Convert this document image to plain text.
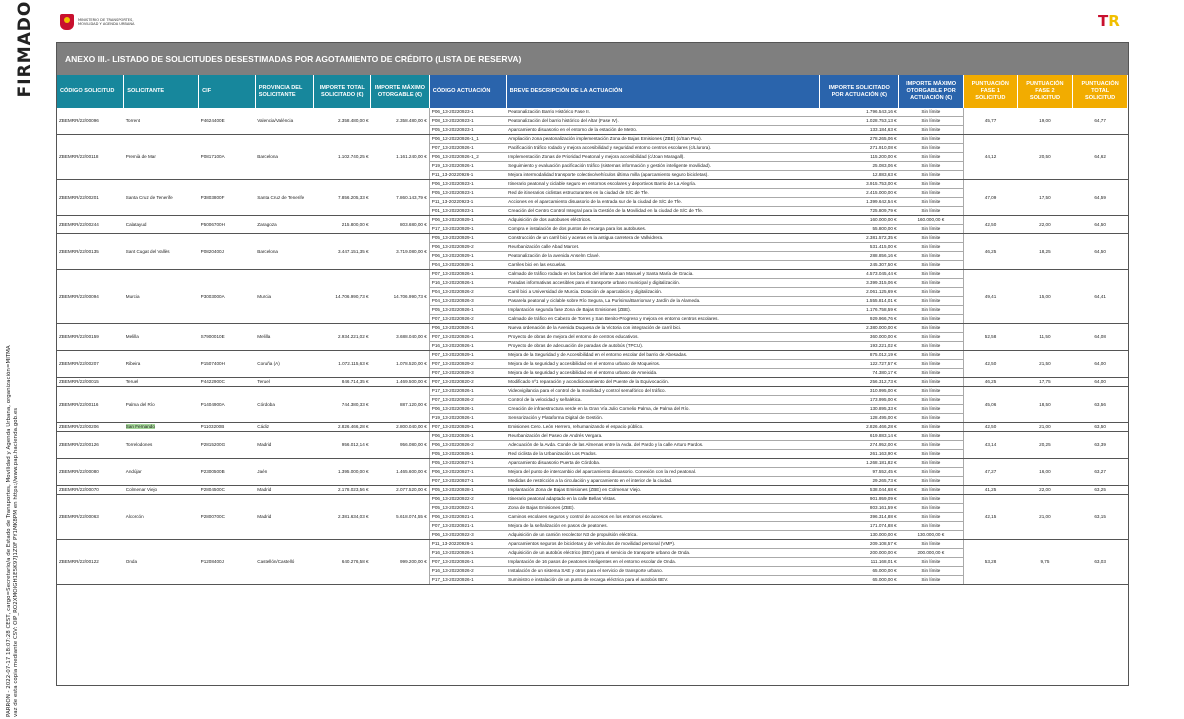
FIRMADO
PARRON - 2022-07-17 18:07:28 CEST, cargo=Secretario/a de Estado de Transportes, Movilidad y Agenda Urbana, organización=MITMA vaz de esta copia mediante CSV: OIP_RO2XMOIGH1E5K97J1Z0F PY1MK8PM en https://www.pap.hacienda.gob.es
MINISTERIO DE TRANSPORTES, MOVILIDAD Y AGENDA URBANA	TR
ANEXO III.- LISTADO DE SOLICITUDES DESESTIMADAS POR AGOTAMIENTO DE CRÉDITO (LISTA DE RESERVA)
CÓDIGO SOLICITUD	SOLICITANTE	CIF	PROVINCIA DEL SOLICITANTE	IMPORTE TOTAL SOLICITADO (€)	IMPORTE MÁXIMO OTORGABLE (€)	CÓDIGO ACTUACIÓN	BREVE DESCRIPCIÓN DE LA ACTUACIÓN	IMPORTE SOLICITADO POR ACTUACIÓN (€)	IMPORTE MÁXIMO OTORGABLE POR ACTUACIÓN (€)	PUNTUACIÓN FASE 1 SOLICITUD	PUNTUACIÓN FASE 2 SOLICITUD	PUNTUACIÓN TOTAL SOLICITUD
ZBEMRR/22/00096	Torrent	P4624400E	Valencia/València	2.358.480,00 €	2.358.480,00 €	P06_13-20220923-1	Peatonalización Barrio Histórico Fase II.	1.796.543,16 €	Sin límite	45,77	19,00	64,77
						P08_13-20220923-1	Peatonalización del barrio histórico del Altar (Fase IV).	1.028.753,13 €	Sin límite			
						P05_13-20220923-1	Aparcamiento disuasorio en el entorno de la estación de Metro.	133.184,63 €	Sin límite			
ZBEMRR/22/00118	Premià de Mar	P0817100A	Barcelona	1.102.740,25 €	1.161.240,00 €	P06_12-20220926-1_1	Ampliación zona peatonalización implementación Zona de Bajas Emisiones (ZBE) (c/San Pau).	278.265,06 €	Sin límite	44,12	20,50	64,62
						P07_13-20220926-1	Pacificación tráfico rodado y mejora accesibilidad y seguridad entorno centros escolares (c/Llurora).	271.910,08 €	Sin límite			
						P06_13-20220926-1_2	Implementación Zonas de Prioridad Peatonal y mejora accesibilidad (c/Joan Maragall).	115.200,00 €	Sin límite			
						P19_13-20220926-1	Seguimiento y evaluación pacificación tráfico (sistemas información y gestión inteligente movilidad).	25.083,06 €	Sin límite			
						P11_13-20220926-1	Mejora intermodalidad transporte colectivo/vehículos última milla (aparcamiento seguro bicicletas).	12.883,63 €	Sin límite			
ZBEMRR/22/00201	Santa Cruz de Tenerife	P3803800F	Santa Cruz de Tenerife	7.856.205,33 €	7.860.143,79 €	P06_13-20220923-1	Itinerario peatonal y ciclable seguro en entornos escolares y deportivos Barrio de La Alegría.	3.915.753,00 €	Sin límite	47,09	17,50	64,59
						P05_13-20220923-1	Red de itinerarios ciclistas estructurantes en la ciudad de S/C de Tfe.	2.415.000,00 €	Sin límite			
						P11_13-20220923-1	Acciones en el aparcamiento disuasorio de la entrada sur de la ciudad de S/C de Tfe.	1.399.642,54 €	Sin límite			
						P01_13-20220923-1	Creación del Centro Control Integral para la Gestión de la Movilidad en la ciudad de S/C de Tfe.	725.809,79 €	Sin límite			
ZBEMRR/22/00244	Calatayud	P5006700H	Zaragoza	215.800,00 €	803.680,00 €	P06_13-20220929-1	Adquisición de dos autobuses eléctricos.	160.000,00 €	160.000,00 €	42,50	22,00	64,50
						P17_13-20220929-1	Compra e instalación de dos puntos de recarga para los autobuses.	55.800,00 €	Sin límite			
ZBEMRR/22/00135	Sant Cugat del Vallès	P0820400J	Barcelona	3.447.151,35 €	3.719.080,00 €	P05_13-20220929-1	Construcción de un carril bici y aceras en la antigua carretera de Vallvidrera.	2.381.572,35 €	Sin límite	46,25	18,25	64,50
						P06_13-20220929-2	Reurbanización calle Abad Marcet.	531.415,00 €	Sin límite			
						P06_13-20220929-1	Peatonalización de la avenida Anselm Clavé.	288.856,16 €	Sin límite			
						P04_13-20220928-1	Carriles bici en las escuelas.	245.307,50 €	Sin límite			
ZBEMRR/22/00094	Murcia	P3003000A	Murcia	14.706.990,73 €	14.706.990,73 €	P07_13-20220926-1	Calmado de tráfico rodado en los barrios del infante Juan Manuel y Santa María de Gracia.	4.573.045,44 €	Sin límite	49,41	15,00	64,41
						P16_13-20220926-1	Paradas informativas accesibles para el transporte urbano municipal y digitalización.	3.399.315,06 €	Sin límite			
						P04_13-20220926-2	Carril bici a Universidad de Murcia. Dotación de aparcabicis y digitalización.	2.061.125,69 €	Sin límite			
						P04_13-20220926-3	Pasarela peatonal y ciclable sobre Río Segura, La Purísima/Barriomar y Jardín de la Alameda.	1.555.814,01 €	Sin límite			
						P05_13-20220926-1	Implantación segunda fase Zona de Bajas Emisiones (ZBE).	1.176.758,59 €	Sin límite			
						P07_13-20220926-2	Calmado de tráfico en Cabezo de Torres y San Benito-Progreso y mejora en entorno centros escolares.	929.966,76 €	Sin límite			
ZBEMRR/22/00159	Melilla	S7900010E	Melilla	2.934.221,02 €	3.688.040,00 €	P06_13-20220926-1	Nueva ordenación de la Avenida Duquesa de la Victoria con integración de carril bici.	2.380.000,00 €	Sin límite	52,58	11,50	64,08
						P07_13-20220926-1	Proyecto de obras de mejora del entorno de centros educativos.	360.000,00 €	Sin límite			
						P16_13-20220926-1	Proyecto de obras de adecuación de paradas de autobús (TPCU).	193.221,02 €	Sin límite			
ZBEMRR/22/00207	Ribeira	P1507400H	Coruña (A)	1.072.115,63 €	1.078.520,00 €	P07_13-20220929-1	Mejora de la Seguridad y de Accesibilidad en el entorno escolar del barrio de Abesadas.	875.012,19 €	Sin límite	42,50	21,50	64,00
						P07_13-20220929-2	Mejora de la seguridad y accesibilidad en el entorno urbano de Moqueiros.	122.727,57 €	Sin límite			
						P07_13-20220929-3	Mejora de la seguridad y accesibilidad en el entorno urbano de Ameixida.	74.380,17 €	Sin límite			
ZBEMRR/22/00015	Teruel	P4422900C	Teruel	846.714,35 €	1.469.500,00 €	P07_13-20220820-2	Modificado nº1 reparación y acondicionamiento del Puente de la Equivocación.	256.312,73 €	Sin límite	46,25	17,75	64,00
ZBEMRR/22/00116	Palma del Río	P1404900A	Córdoba	744.380,33 €	887.120,00 €	P17_13-20220926-1	Videovigilancia para el control de la movilidad y control semafórico del tráfico.	310.995,00 €	Sin límite	45,06	18,50	63,56
						P07_13-20220926-2	Control de la velocidad y señalética.	173.995,00 €	Sin límite			
						P06_13-20220926-1	Creación de infraestructura verde en la Gran Vía Julio Cornelio Palma, de Palma del Río.	130.895,33 €	Sin límite			
						P19_13-20220926-1	Sensorización y Plataforma Digital de Gestión.	128.495,00 €	Sin límite			
ZBEMRR/22/00206	San Fernando	P1103200B	Cádiz	2.826.466,28 €	2.800.040,00 €	P07_13-20220929-1	Emisiones Cero. León Herrero, rehumanizando el espacio público.	2.826.466,28 €	Sin límite	42,50	21,00	63,50
ZBEMRR/22/00126	Torrelodones	P2815200G	Madrid	956.012,14 €	956.080,00 €	P06_13-20220926-1	Reurbanización del Paseo de Andrés Vergara.	619.883,14 €	Sin límite	43,14	20,25	63,39
						P06_13-20220926-2	Adecuación de la Avda. Conde de las Almenas entre la Avda. del Pardo y la calle Arturo Pardos.	274.952,00 €	Sin límite			
						P05_13-20220926-1	Red ciclista de la Urbanización Los Prados.	261.163,90 €	Sin límite			
ZBEMRR/22/00080	Andújar	P2300500B	Jaén	1.395.000,00 €	1.465.600,00 €	P05_13-20220927-1	Aparcamiento disuasorio Puerta de Córdoba.	1.268.181,82 €	Sin límite	47,27	16,00	63,27
						P06_13-20220927-1	Mejora del punto de intercambio del aparcamiento disuasorio. Conexión con la red peatonal.	97.552,45 €	Sin límite			
						P07_13-20220927-1	Medidas de restricción a la circulación y aparcamiento en el interior de la ciudad.	29.265,73 €	Sin límite			
ZBEMRR/22/00070	Colmenar Viejo	P2804500C	Madrid	2.178.023,56 €	2.077.520,00 €	P05_13-20220928-1	Implantación Zona de Bajas Emisiones (ZBE) en Colmenar Viejo.	538.044,68 €	Sin límite	41,25	22,00	63,25
ZBEMRR/22/00063	Alcorcón	P2800700C	Madrid	2.381.634,03 €	5.618.074,55 €	P06_13-20220922-2	Itinerario peatonal adaptado en la calle Bellas Vistas.	901.959,09 €	Sin límite	42,15	21,00	63,15
						P05_13-20220922-1	Zona de Bajas Emisiones (ZBE).	803.161,59 €	Sin límite			
						P06_13-20220921-1	Caminos escolares seguros y control de accesos en los entornos escolares.	396.314,88 €	Sin límite			
						P07_13-20220921-1	Mejora de la señalización en pasos de peatones.	171.074,88 €	Sin límite			
						P06_13-20220922-3	Adquisición de un camión recolector N3 de propulsión eléctrica.	130.000,00 €	130.000,00 €			
ZBEMRR/22/00122	Onda	P1208400J	Castellón/Castelló	640.276,58 €	999.200,00 €	P11_13-20220926-1	Aparcamientos seguros de bicicletas y de vehículos de movilidad personal (VMP).	209.108,57 €	Sin límite	53,28	9,75	63,03
						P16_13-20220926-1	Adquisición de un autobús eléctrico (BEV) para el servicio de transporte urbano de Onda.	200.000,00 €	200.000,00 €			
						P07_13-20220926-1	Implantación de 16 pasos de peatones inteligentes en el entorno escolar de Onda.	111.168,01 €	Sin límite			
						P16_13-20220926-2	Instalación de un sistema SAE y otros para el servicio de transporte urbano.	65.000,00 €	Sin límite			
						P17_13-20220926-1	Suministro e instalación de un punto de recarga eléctrica para el autobús BEV.	65.000,00 €	Sin límite			
